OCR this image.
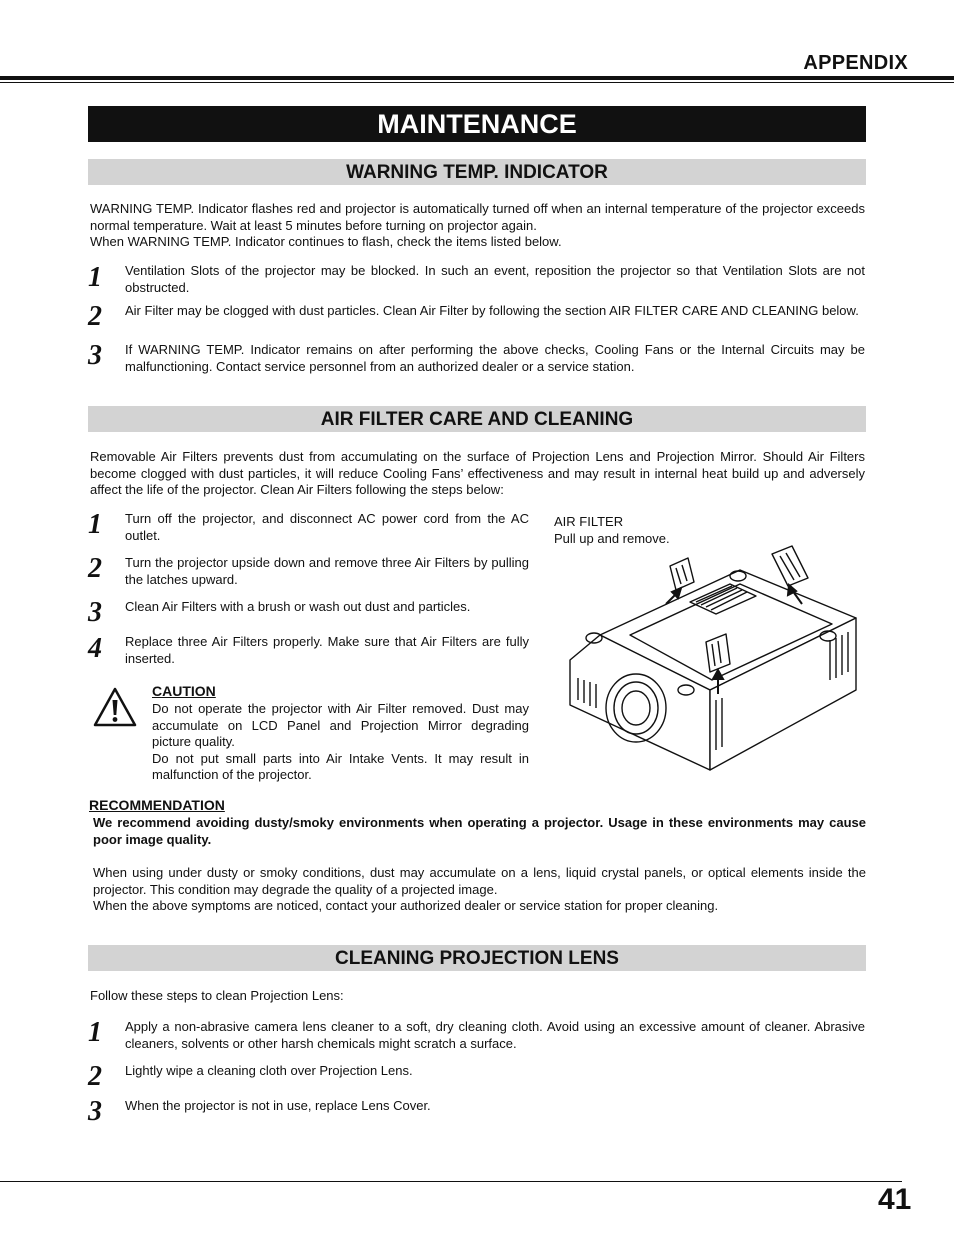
APPENDIX
MAINTENANCE
WARNING TEMP. INDICATOR

WARNING TEMP. Indicator flashes red and projector is automatically turned off when an internal temperature of the projector exceeds normal temperature. Wait at least 5 minutes before turning on projector again.

When WARNING TEMP. Indicator continues to flash, check the items listed below.

1	Ventilation Slots of the projector may be blocked. In such an event, reposition the projector so that Ventilation Slots are not obstructed.
2	Air Filter may be clogged with dust particles. Clean Air Filter by following the section AIR FILTER CARE AND CLEANING below.
3	If WARNING TEMP. Indicator remains on after performing the above checks, Cooling Fans or the Internal Circuits may be malfunctioning. Contact service personnel from an authorized dealer or a service station.
AIR FILTER CARE AND CLEANING
Removable Air Filters prevents dust from accumulating on the surface of Projection Lens and Projection Mirror. Should Air Filters become clogged with dust particles, it will reduce Cooling Fans’ effectiveness and may result in internal heat build up and adversely affect the life of the projector. Clean Air Filters following the steps below:
1	Turn off the projector, and disconnect AC power cord from the AC outlet.
2	Turn the projector upside down and remove three Air Filters by pulling the latches upward.
3	Clean Air Filters with a brush or wash out dust and particles.
4	Replace three Air Filters properly. Make sure that Air Filters are fully inserted.
CAUTION

Do not operate the projector with Air Filter removed. Dust may accumulate on LCD Panel and Projection Mirror degrading picture quality.

Do not put small parts into Air Intake Vents. It may result in malfunction of the projector.

AIR FILTER
Pull up and remove.
RECOMMENDATION
We recommend avoiding dusty/smoky environments when operating a projector. Usage in these environments may cause poor image quality.

When using under dusty or smoky conditions, dust may accumulate on a lens, liquid crystal panels, or optical elements inside the projector. This condition may degrade the quality of a projected image.

When the above symptoms are noticed, contact your authorized dealer or service station for proper cleaning.

CLEANING PROJECTION LENS
Follow these steps to clean Projection Lens:
1	Apply a non-abrasive camera lens cleaner to a soft, dry cleaning cloth. Avoid using an excessive amount of cleaner. Abrasive cleaners, solvents or other harsh chemicals might scratch a surface.
2	Lightly wipe a cleaning cloth over Projection Lens.
3	When the projector is not in use, replace Lens Cover.
41
